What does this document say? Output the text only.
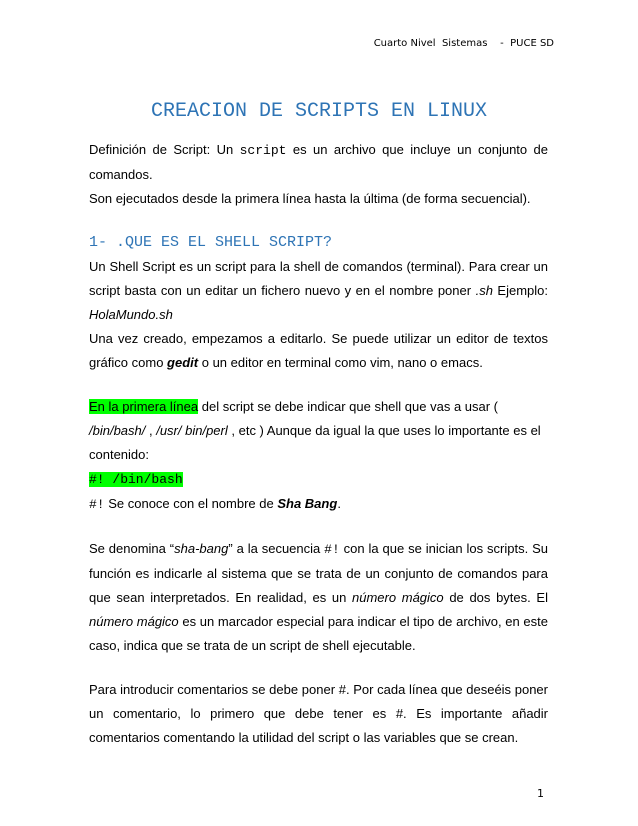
Cuarto Nivel  Sistemas    -  PUCE SD
CREACION DE SCRIPTS EN LINUX

Definición de Script: Un script es un archivo que incluye un conjunto de comandos.

Son ejecutados desde la primera línea hasta la última (de forma secuencial).

1- .QUE ES EL SHELL SCRIPT?

Un Shell Script es un script para la shell de comandos (terminal). Para crear un script basta con un editar un fichero nuevo y en el nombre poner .sh Ejemplo: HolaMundo.sh

Una vez creado, empezamos a editarlo. Se puede utilizar un editor de textos gráfico como gedit o un editor en terminal como vim, nano o emacs.

En la primera línea del script se debe indicar que shell que vas a usar ( /bin/bash/ , /usr/ bin/perl , etc ) Aunque da igual la que uses lo importante es el contenido:

#! /bin/bash

#! Se conoce con el nombre de Sha Bang.

Se denomina “sha-bang” a la secuencia #! con la que se inician los scripts. Su función es indicarle al sistema que se trata de un conjunto de comandos para que sean interpretados. En realidad, es un número mágico de dos bytes. El número mágico es un marcador especial para indicar el tipo de archivo, en este caso, indica que se trata de un script de shell ejecutable.

Para introducir comentarios se debe poner #. Por cada línea que deseéis poner un comentario, lo primero que debe tener es #. Es importante añadir comentarios comentando la utilidad del script o las variables que se crean.

1
